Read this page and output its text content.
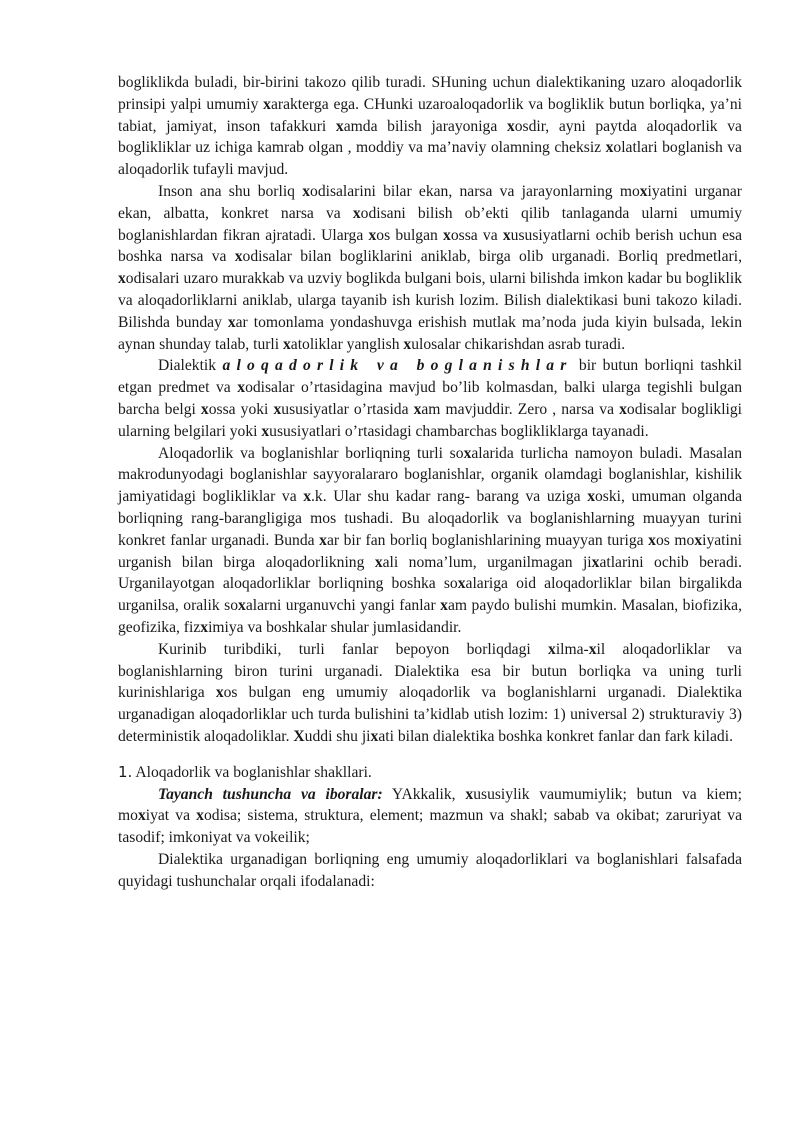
bogliklikda buladi, bir-birini takozo qilib turadi. SHuning uchun dialektikaning uzaro aloqadorlik prinsipi yalpi umumiy xarakterga ega. CHunki uzaroaloqadorlik va bogliklik butun borliqka, ya’ni tabiat, jamiyat, inson tafakkuri xamda bilish jarayoniga xosdir, ayni paytda aloqadorlik va boglikliklar uz ichiga kamrab olgan , moddiy va ma’naviy olamning cheksiz xolatlari boglanish va aloqadorlik tufayli mavjud.

Inson ana shu borliq xodisalarini bilar ekan, narsa va jarayonlarning moxiyatini urganar ekan, albatta, konkret narsa va xodisani bilish ob’ekti qilib tanlaganda ularni umumiy boglanishlardan fikran ajratadi. Ularga xos bulgan xossa va xususiyatlarni ochib berish uchun esa boshka narsa va xodisalar bilan bogliklarini aniklab, birga olib urganadi. Borliq predmetlari, xodisalari uzaro murakkab va uzviy boglikda bulgani bois, ularni bilishda imkon kadar bu bogliklik va aloqadorliklarni aniklab, ularga tayanib ish kurish lozim. Bilish dialektikasi buni takozo kiladi. Bilishda bunday xar tomonlama yondashuvga erishish mutlak ma’noda juda kiyin bulsada, lekin aynan shunday talab, turli xatoliklar yanglish xulosalar chikarishdan asrab turadi.

Dialektik aloqadorlik va boglanishlar bir butun borliqni tashkil etgan predmet va xodisalar o’rtasidagina mavjud bo’lib kolmasdan, balki ularga tegishli bulgan barcha belgi xossa yoki xususiyatlar o’rtasida xam mavjuddir. Zero , narsa va xodisalar boglikligi ularning belgilari yoki xususiyatlari o’rtasidagi chambarchas boglikliklarga tayanadi.

Aloqadorlik va boglanishlar borliqning turli soxalarida turlicha namoyon buladi. Masalan makrodunyodagi boglanishlar sayyoralararo boglanishlar, organik olamdagi boglanishlar, kishilik jamiyatidagi boglikliklar va x.k. Ular shu kadar rang- barang va uziga xoski, umuman olganda borliqning rang-barangligiga mos tushadi. Bu aloqadorlik va boglanishlarning muayyan turini konkret fanlar urganadi. Bunda xar bir fan borliq boglanishlarining muayyan turiga xos moxiyatini urganish bilan birga aloqadorlikning xali noma’lum, urganilmagan jixatlarini ochib beradi. Urganilayotgan aloqadorliklar borliqning boshka soxalariga oid aloqadorliklar bilan birgalikda urganilsa, oralik soxalarni urganuvchi yangi fanlar xam paydo bulishi mumkin. Masalan, biofizika, geofizika, fizximiya va boshkalar shular jumlasidandir.

Kurinib turibdiki, turli fanlar bepoyon borliqdagi xilma-xil aloqadorliklar va boglanishlarning biron turini urganadi. Dialektika esa bir butun borliqka va uning turli kurinishlariga xos bulgan eng umumiy aloqadorlik va boglanishlarni urganadi. Dialektika urganadigan aloqadorliklar uch turda bulishini ta’kidlab utish lozim: 1) universal 2) strukturaviy 3) deterministik aloqadoliklar. Xuddi shu jixati bilan dialektika boshka konkret fanlar dan fark kiladi.

1. Aloqadorlik va boglanishlar shakllari.

Tayanch tushuncha va iboralar: YAkkalik, xususiylik vaumumiylik; butun va kiem; moxiyat va xodisa; sistema, struktura, element; mazmun va shakl; sabab va okibat; zaruriyat va tasodif; imkoniyat va vokeilik;

Dialektika urganadigan borliqning eng umumiy aloqadorliklari va boglanishlari falsafada quyidagi tushunchalar orqali ifodalanadi:
